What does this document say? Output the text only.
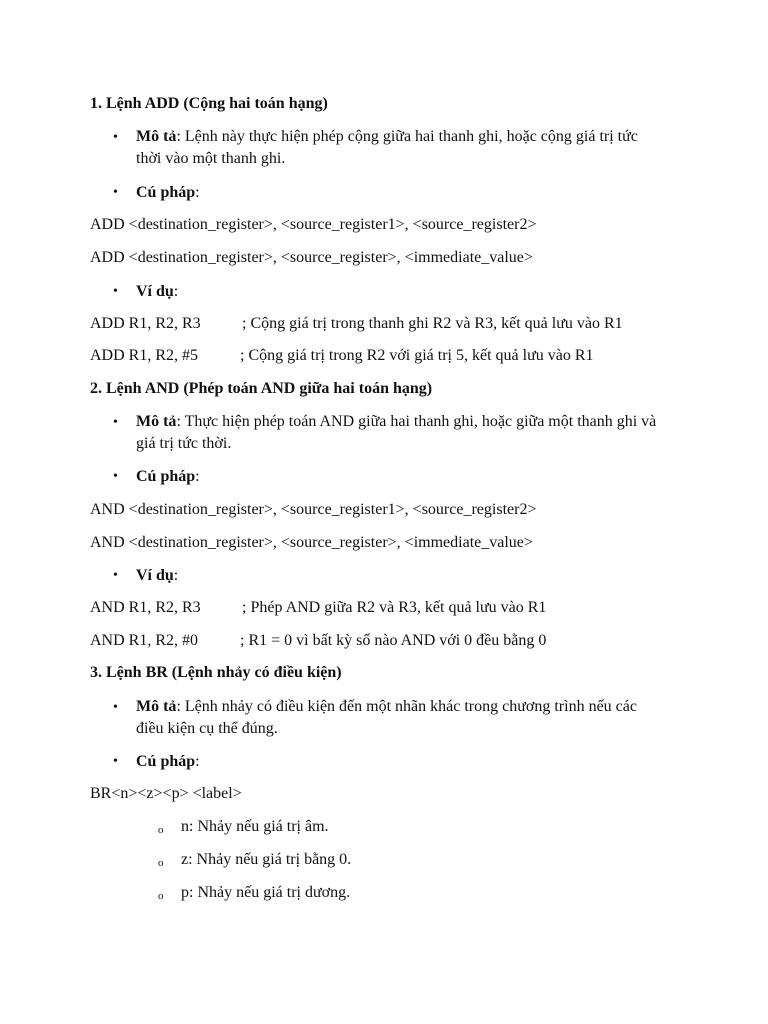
1. Lệnh ADD (Cộng hai toán hạng)
• Mô tả: Lệnh này thực hiện phép cộng giữa hai thanh ghi, hoặc cộng giá trị tức thời vào một thanh ghi.
• Cú pháp:
ADD <destination_register>, <source_register1>, <source_register2>
ADD <destination_register>, <source_register>, <immediate_value>
• Ví dụ:
ADD R1, R2, R3	; Cộng giá trị trong thanh ghi R2 và R3, kết quả lưu vào R1
ADD R1, R2, #5	; Cộng giá trị trong R2 với giá trị 5, kết quả lưu vào R1
2. Lệnh AND (Phép toán AND giữa hai toán hạng)
• Mô tả: Thực hiện phép toán AND giữa hai thanh ghi, hoặc giữa một thanh ghi và giá trị tức thời.
• Cú pháp:
AND <destination_register>, <source_register1>, <source_register2>
AND <destination_register>, <source_register>, <immediate_value>
• Ví dụ:
AND R1, R2, R3	; Phép AND giữa R2 và R3, kết quả lưu vào R1
AND R1, R2, #0	; R1 = 0 vì bất kỳ số nào AND với 0 đều bằng 0
3. Lệnh BR (Lệnh nhảy có điều kiện)
• Mô tả: Lệnh nhảy có điều kiện đến một nhãn khác trong chương trình nếu các điều kiện cụ thể đúng.
• Cú pháp:
BR<n><z><p> <label>
o n: Nhảy nếu giá trị âm.
o z: Nhảy nếu giá trị bằng 0.
o p: Nhảy nếu giá trị dương.
